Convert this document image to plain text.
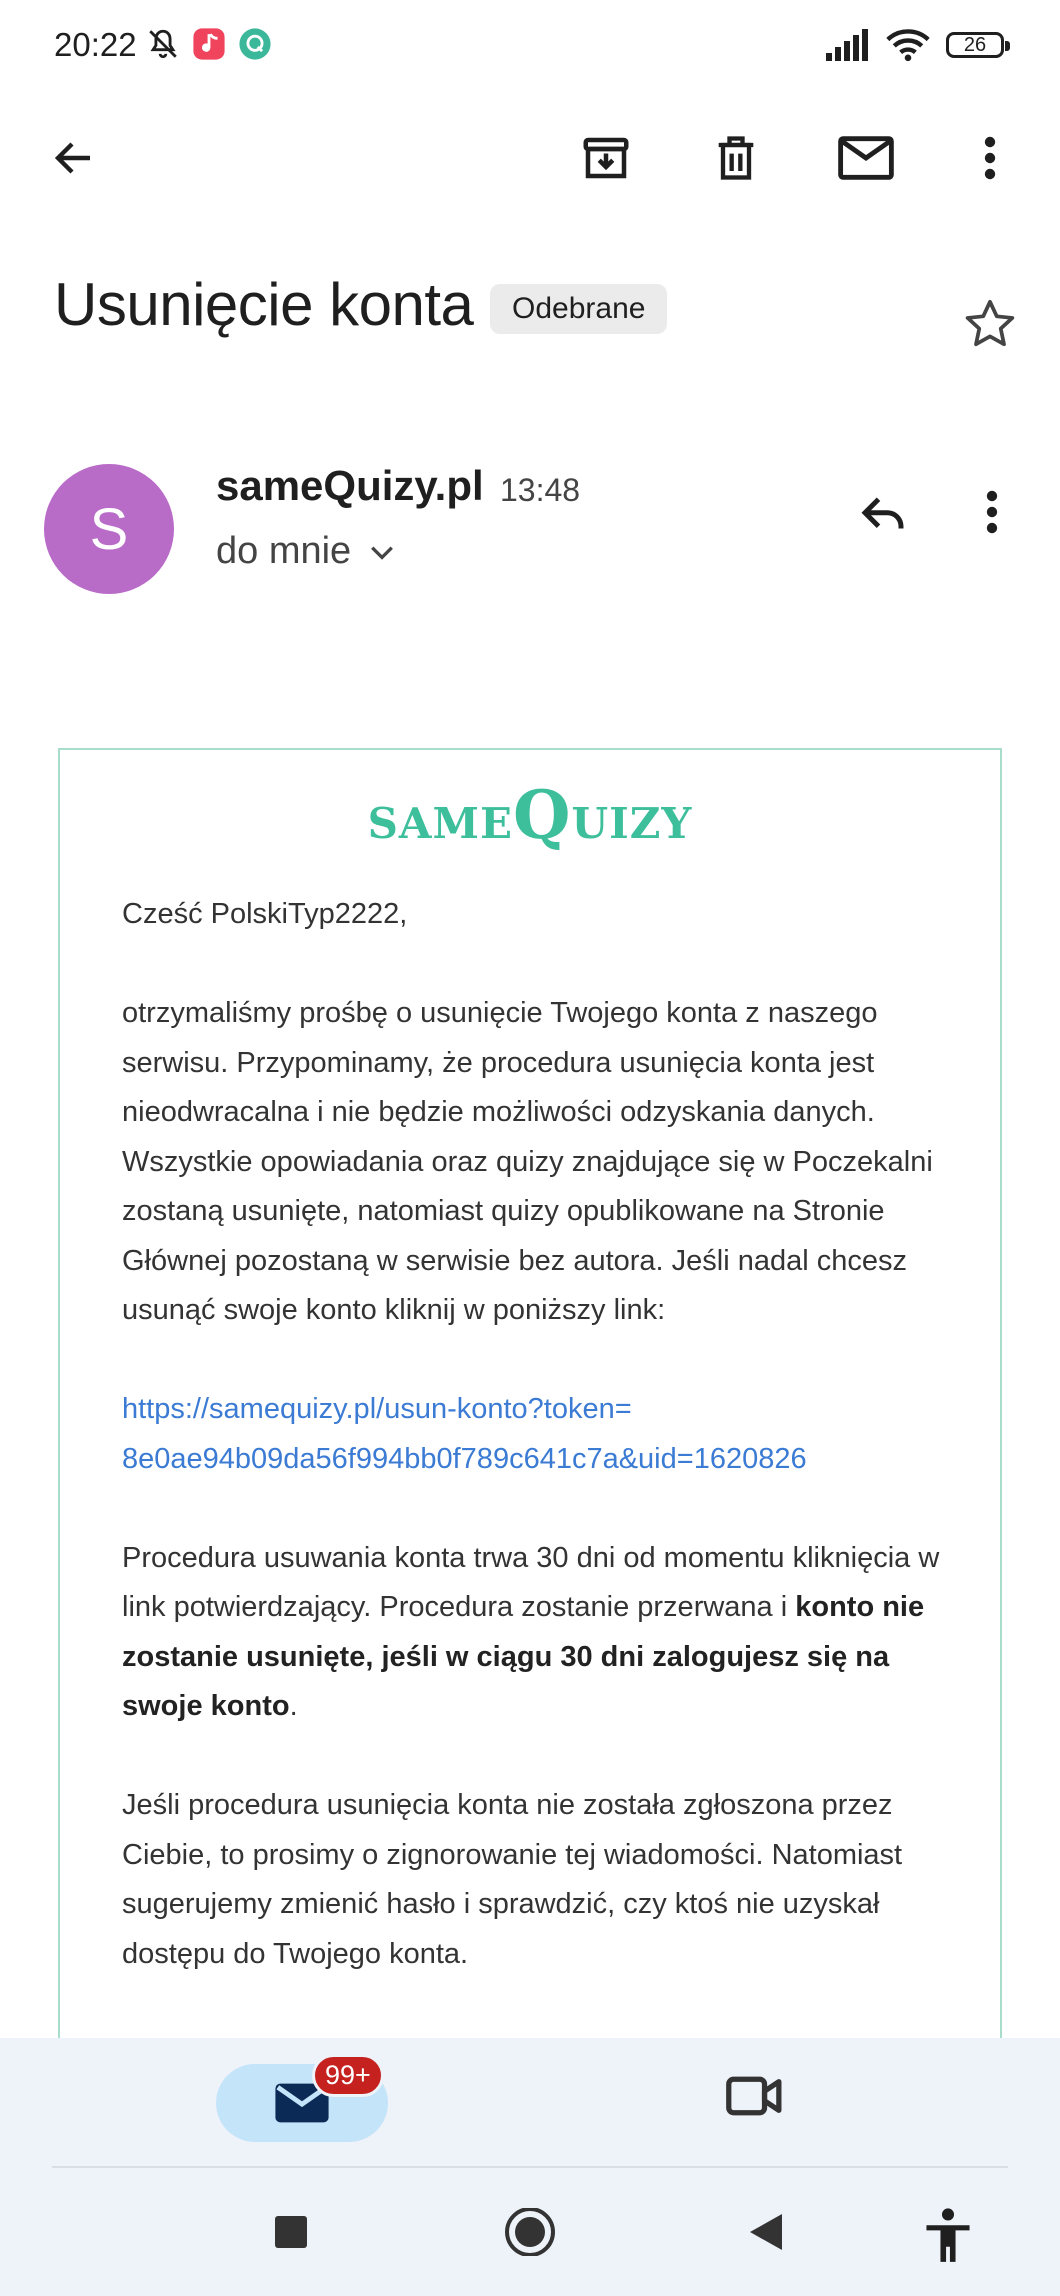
20:22	26
Usunięcie konta	Odebrane
S
sameQuizy.pl 13:48
do mnie
SAMEQUIZY

Cześć PolskiTyp2222,

otrzymaliśmy prośbę o usunięcie Twojego konta z naszego serwisu. Przypominamy, że procedura usunięcia konta jest nieodwracalna i nie będzie możliwości odzyskania danych. Wszystkie opowiadania oraz quizy znajdujące się w Poczekalni zostaną usunięte, natomiast quizy opublikowane na Stronie Głównej pozostaną w serwisie bez autora. Jeśli nadal chcesz usunąć swoje konto kliknij w poniższy link:

https://samequizy.pl/usun-konto?token=
8e0ae94b09da56f994bb0f789c641c7a&uid=1620826

Procedura usuwania konta trwa 30 dni od momentu kliknięcia w link potwierdzający. Procedura zostanie przerwana i konto nie zostanie usunięte, jeśli w ciągu 30 dni zalogujesz się na swoje konto.

Jeśli procedura usunięcia konta nie została zgłoszona przez Ciebie, to prosimy o zignorowanie tej wiadomości. Natomiast sugerujemy zmienić hasło i sprawdzić, czy ktoś nie uzyskał dostępu do Twojego konta.

99+
